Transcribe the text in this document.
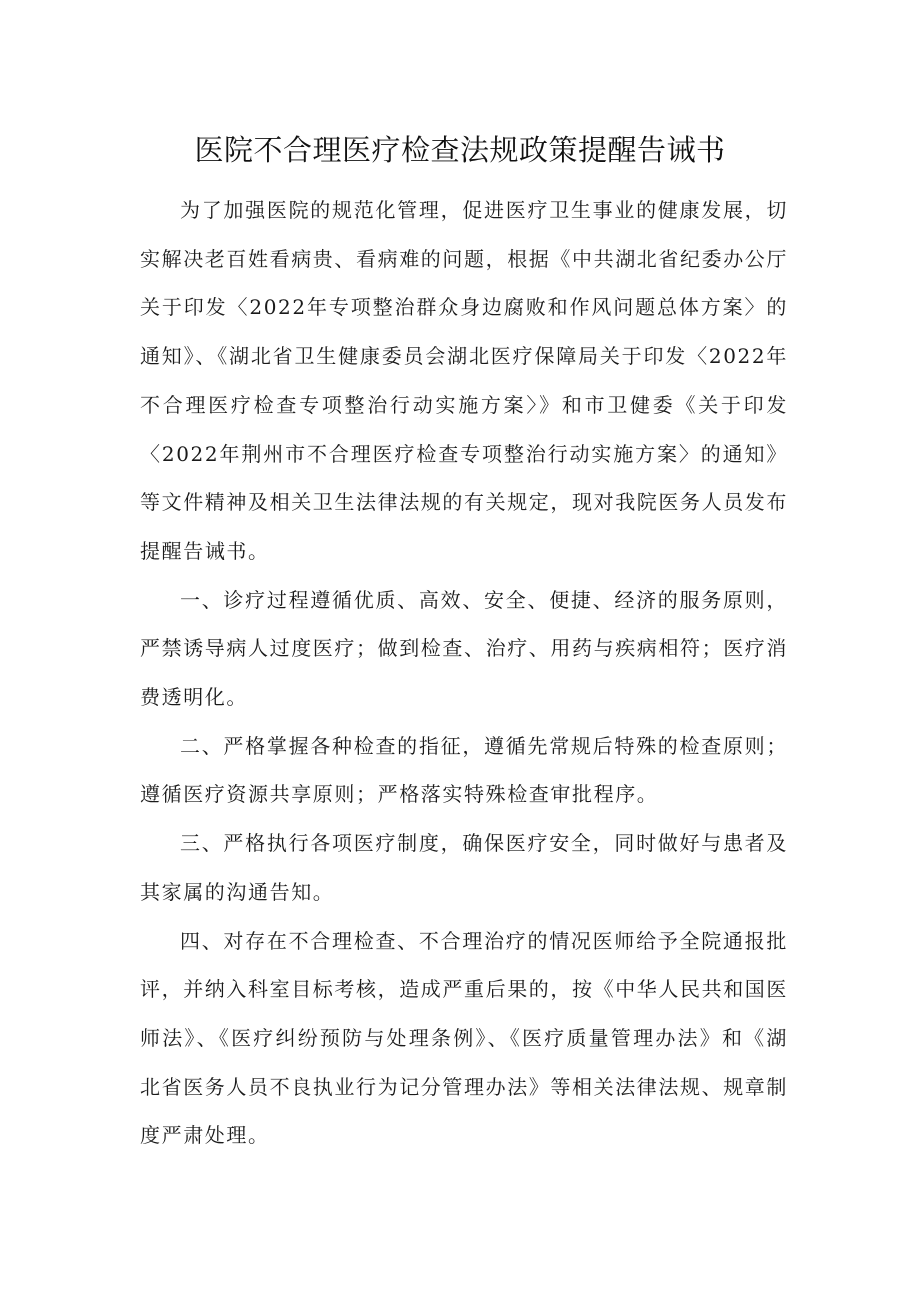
医院不合理医疗检查法规政策提醒告诫书

为了加强医院的规范化管理，促进医疗卫生事业的健康发展，切实解决老百姓看病贵、看病难的问题，根据《中共湖北省纪委办公厅关于印发〈2022年专项整治群众身边腐败和作风问题总体方案〉的通知》、《湖北省卫生健康委员会湖北医疗保障局关于印发〈2022年不合理医疗检查专项整治行动实施方案〉》和市卫健委《关于印发〈2022年荆州市不合理医疗检查专项整治行动实施方案〉的通知》等文件精神及相关卫生法律法规的有关规定，现对我院医务人员发布提醒告诫书。

一、诊疗过程遵循优质、高效、安全、便捷、经济的服务原则，严禁诱导病人过度医疗；做到检查、治疗、用药与疾病相符；医疗消费透明化。

二、严格掌握各种检查的指征，遵循先常规后特殊的检查原则；遵循医疗资源共享原则；严格落实特殊检查审批程序。

三、严格执行各项医疗制度，确保医疗安全，同时做好与患者及其家属的沟通告知。

四、对存在不合理检查、不合理治疗的情况医师给予全院通报批评，并纳入科室目标考核，造成严重后果的，按《中华人民共和国医师法》、《医疗纠纷预防与处理条例》、《医疗质量管理办法》和《湖北省医务人员不良执业行为记分管理办法》等相关法律法规、规章制度严肃处理。
